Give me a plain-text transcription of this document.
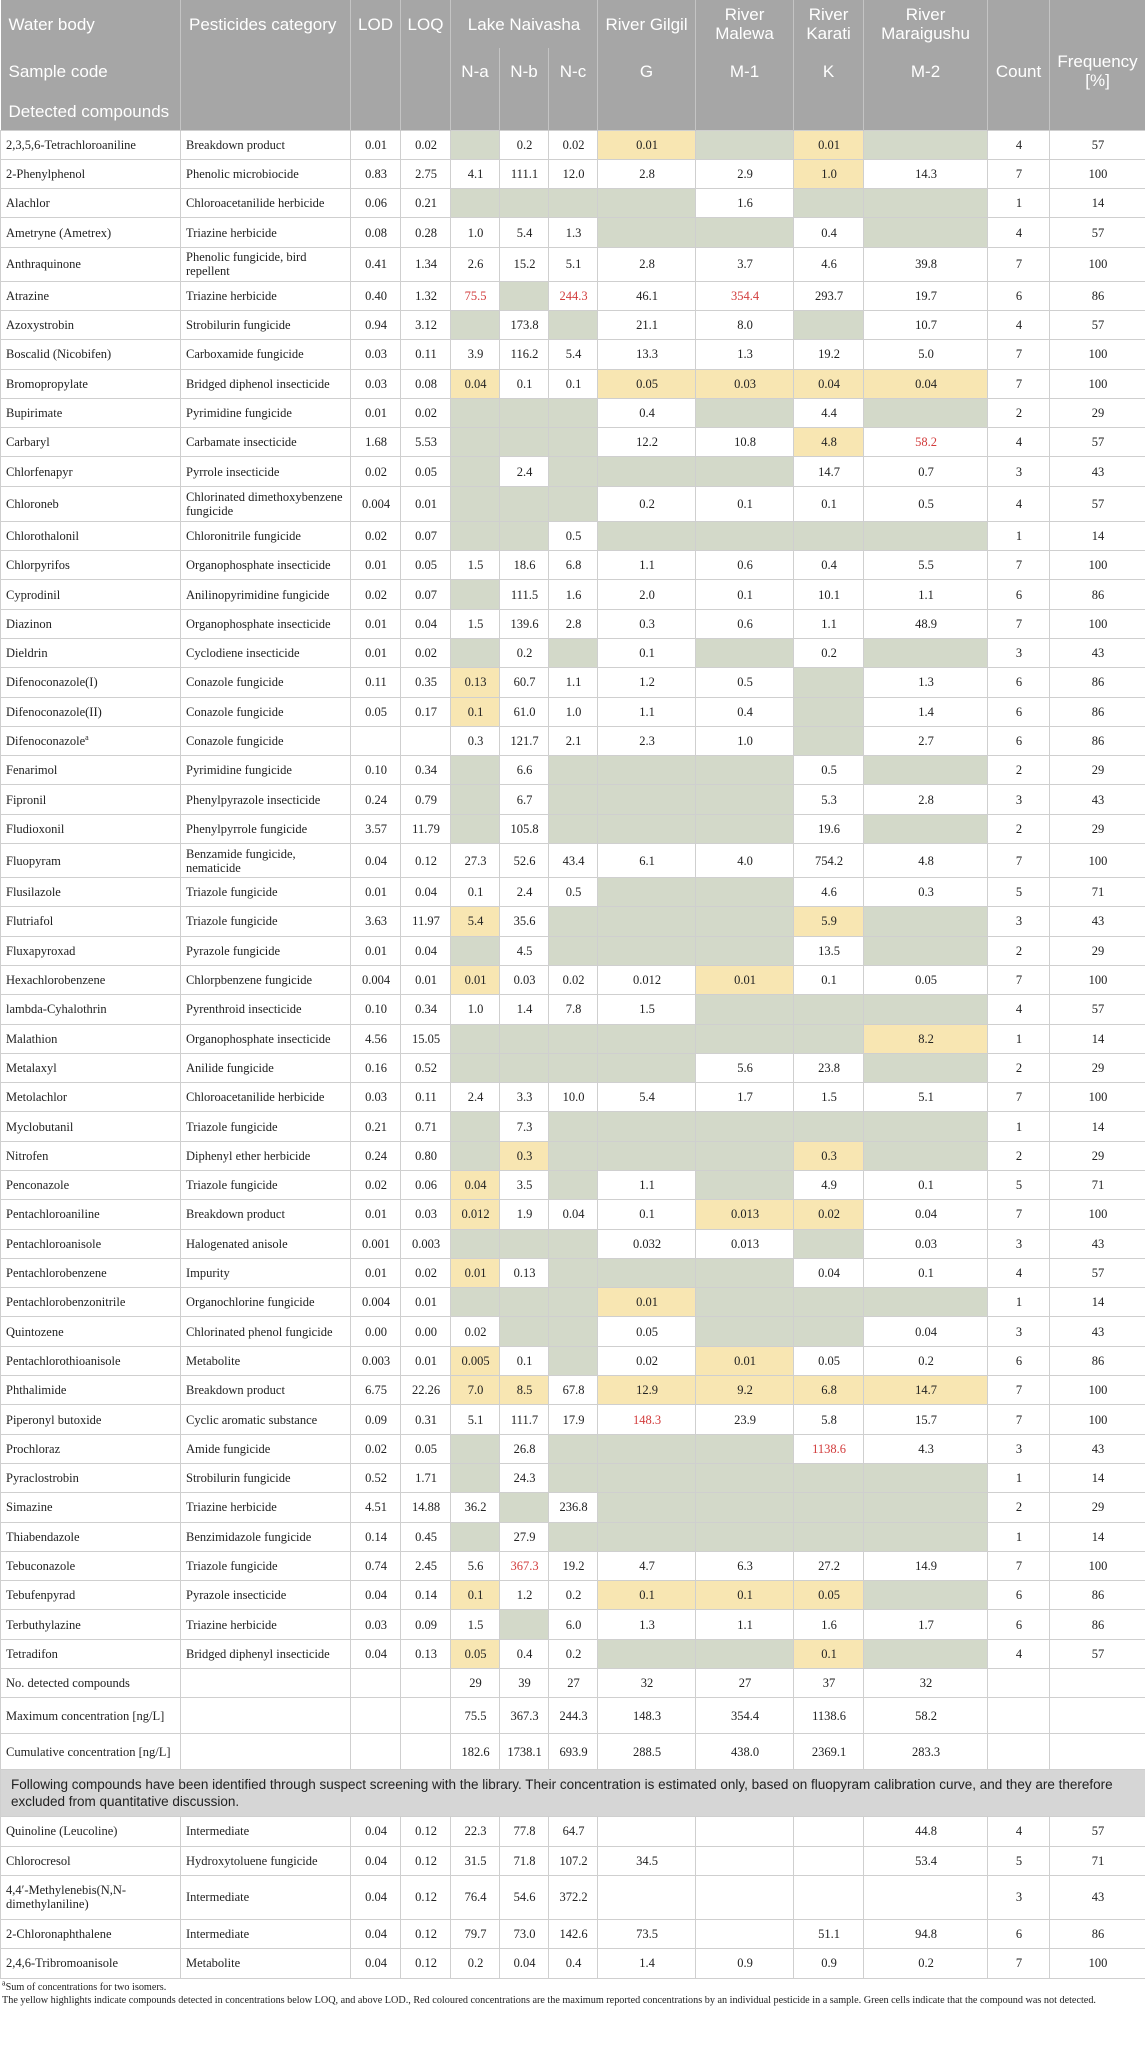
Water body	Pesticides category	LOD	LOQ	Lake Naivasha			River Gilgil	River Malewa	River Karati	River Maraigushu		
Sample code				N-a	N-b	N-c	G	M-1	K	M-2	Count	Frequency [%]
Detected compounds												
2,3,5,6-Tetrachloroaniline	Breakdown product	0.01	0.02		0.2	0.02	0.01		0.01		4	57
2-Phenylphenol	Phenolic microbiocide	0.83	2.75	4.1	111.1	12.0	2.8	2.9	1.0	14.3	7	100
Alachlor	Chloroacetanilide herbicide	0.06	0.21					1.6			1	14
Ametryne (Ametrex)	Triazine herbicide	0.08	0.28	1.0	5.4	1.3			0.4		4	57
Anthraquinone	Phenolic fungicide, bird repellent	0.41	1.34	2.6	15.2	5.1	2.8	3.7	4.6	39.8	7	100
Atrazine	Triazine herbicide	0.40	1.32	75.5		244.3	46.1	354.4	293.7	19.7	6	86
Azoxystrobin	Strobilurin fungicide	0.94	3.12		173.8		21.1	8.0		10.7	4	57
Boscalid (Nicobifen)	Carboxamide fungicide	0.03	0.11	3.9	116.2	5.4	13.3	1.3	19.2	5.0	7	100
Bromopropylate	Bridged diphenol insecticide	0.03	0.08	0.04	0.1	0.1	0.05	0.03	0.04	0.04	7	100
Bupirimate	Pyrimidine fungicide	0.01	0.02				0.4		4.4		2	29
Carbaryl	Carbamate insecticide	1.68	5.53				12.2	10.8	4.8	58.2	4	57
Chlorfenapyr	Pyrrole insecticide	0.02	0.05		2.4				14.7	0.7	3	43
Chloroneb	Chlorinated dimethoxybenzene fungicide	0.004	0.01				0.2	0.1	0.1	0.5	4	57
Chlorothalonil	Chloronitrile fungicide	0.02	0.07			0.5					1	14
Chlorpyrifos	Organophosphate insecticide	0.01	0.05	1.5	18.6	6.8	1.1	0.6	0.4	5.5	7	100
Cyprodinil	Anilinopyrimidine fungicide	0.02	0.07		111.5	1.6	2.0	0.1	10.1	1.1	6	86
Diazinon	Organophosphate insecticide	0.01	0.04	1.5	139.6	2.8	0.3	0.6	1.1	48.9	7	100
Dieldrin	Cyclodiene insecticide	0.01	0.02		0.2		0.1		0.2		3	43
Difenoconazole(I)	Conazole fungicide	0.11	0.35	0.13	60.7	1.1	1.2	0.5		1.3	6	86
Difenoconazole(II)	Conazole fungicide	0.05	0.17	0.1	61.0	1.0	1.1	0.4		1.4	6	86
Difenoconazole$^a$	Conazole fungicide			0.3	121.7	2.1	2.3	1.0		2.7	6	86
Fenarimol	Pyrimidine fungicide	0.10	0.34		6.6				0.5		2	29
Fipronil	Phenylpyrazole insecticide	0.24	0.79		6.7				5.3	2.8	3	43
Fludioxonil	Phenylpyrrole fungicide	3.57	11.79		105.8				19.6		2	29
Fluopyram	Benzamide fungicide, nematicide	0.04	0.12	27.3	52.6	43.4	6.1	4.0	754.2	4.8	7	100
Flusilazole	Triazole fungicide	0.01	0.04	0.1	2.4	0.5			4.6	0.3	5	71
Flutriafol	Triazole fungicide	3.63	11.97	5.4	35.6				5.9		3	43
Fluxapyroxad	Pyrazole fungicide	0.01	0.04		4.5				13.5		2	29
Hexachlorobenzene	Chlorpbenzene fungicide	0.004	0.01	0.01	0.03	0.02	0.012	0.01	0.1	0.05	7	100
lambda-Cyhalothrin	Pyrenthroid insecticide	0.10	0.34	1.0	1.4	7.8	1.5				4	57
Malathion	Organophosphate insecticide	4.56	15.05							8.2	1	14
Metalaxyl	Anilide fungicide	0.16	0.52					5.6	23.8		2	29
Metolachlor	Chloroacetanilide herbicide	0.03	0.11	2.4	3.3	10.0	5.4	1.7	1.5	5.1	7	100
Myclobutanil	Triazole fungicide	0.21	0.71		7.3						1	14
Nitrofen	Diphenyl ether herbicide	0.24	0.80		0.3				0.3		2	29
Penconazole	Triazole fungicide	0.02	0.06	0.04	3.5		1.1		4.9	0.1	5	71
Pentachloroaniline	Breakdown product	0.01	0.03	0.012	1.9	0.04	0.1	0.013	0.02	0.04	7	100
Pentachloroanisole	Halogenated anisole	0.001	0.003				0.032	0.013		0.03	3	43
Pentachlorobenzene	Impurity	0.01	0.02	0.01	0.13				0.04	0.1	4	57
Pentachlorobenzonitrile	Organochlorine fungicide	0.004	0.01				0.01				1	14
Quintozene	Chlorinated phenol fungicide	0.00	0.00	0.02			0.05			0.04	3	43
Pentachlorothioanisole	Metabolite	0.003	0.01	0.005	0.1		0.02	0.01	0.05	0.2	6	86
Phthalimide	Breakdown product	6.75	22.26	7.0	8.5	67.8	12.9	9.2	6.8	14.7	7	100
Piperonyl butoxide	Cyclic aromatic substance	0.09	0.31	5.1	111.7	17.9	148.3	23.9	5.8	15.7	7	100
Prochloraz	Amide fungicide	0.02	0.05		26.8				1138.6	4.3	3	43
Pyraclostrobin	Strobilurin fungicide	0.52	1.71		24.3						1	14
Simazine	Triazine herbicide	4.51	14.88	36.2		236.8					2	29
Thiabendazole	Benzimidazole fungicide	0.14	0.45		27.9						1	14
Tebuconazole	Triazole fungicide	0.74	2.45	5.6	367.3	19.2	4.7	6.3	27.2	14.9	7	100
Tebufenpyrad	Pyrazole insecticide	0.04	0.14	0.1	1.2	0.2	0.1	0.1	0.05		6	86
Terbuthylazine	Triazine herbicide	0.03	0.09	1.5		6.0	1.3	1.1	1.6	1.7	6	86
Tetradifon	Bridged diphenyl insecticide	0.04	0.13	0.05	0.4	0.2			0.1		4	57
No. detected compounds				29	39	27	32	27	37	32		
Maximum concentration [ng/L]				75.5	367.3	244.3	148.3	354.4	1138.6	58.2		
Cumulative concentration [ng/L]				182.6	1738.1	693.9	288.5	438.0	2369.1	283.3		
Following compounds have been identified through suspect screening with the library. Their concentration is estimated only, based on fluopyram calibration curve, and they are therefore excluded from quantitative discussion.												
Quinoline (Leucoline)	Intermediate	0.04	0.12	22.3	77.8	64.7				44.8	4	57
Chlorocresol	Hydroxytoluene fungicide	0.04	0.12	31.5	71.8	107.2	34.5			53.4	5	71
4,4′-Methylenebis(N,N-dimethylaniline)	Intermediate	0.04	0.12	76.4	54.6	372.2					3	43
2-Chloronaphthalene	Intermediate	0.04	0.12	79.7	73.0	142.6	73.5		51.1	94.8	6	86
2,4,6-Tribromoanisole	Metabolite	0.04	0.12	0.2	0.04	0.4	1.4	0.9	0.9	0.2	7	100
$^a$Sum of concentrations for two isomers.
The yellow highlights indicate compounds detected in concentrations below LOQ, and above LOD., Red coloured concentrations are the maximum reported concentrations by an individual pesticide in a sample. Green cells indicate that the compound was not detected.
